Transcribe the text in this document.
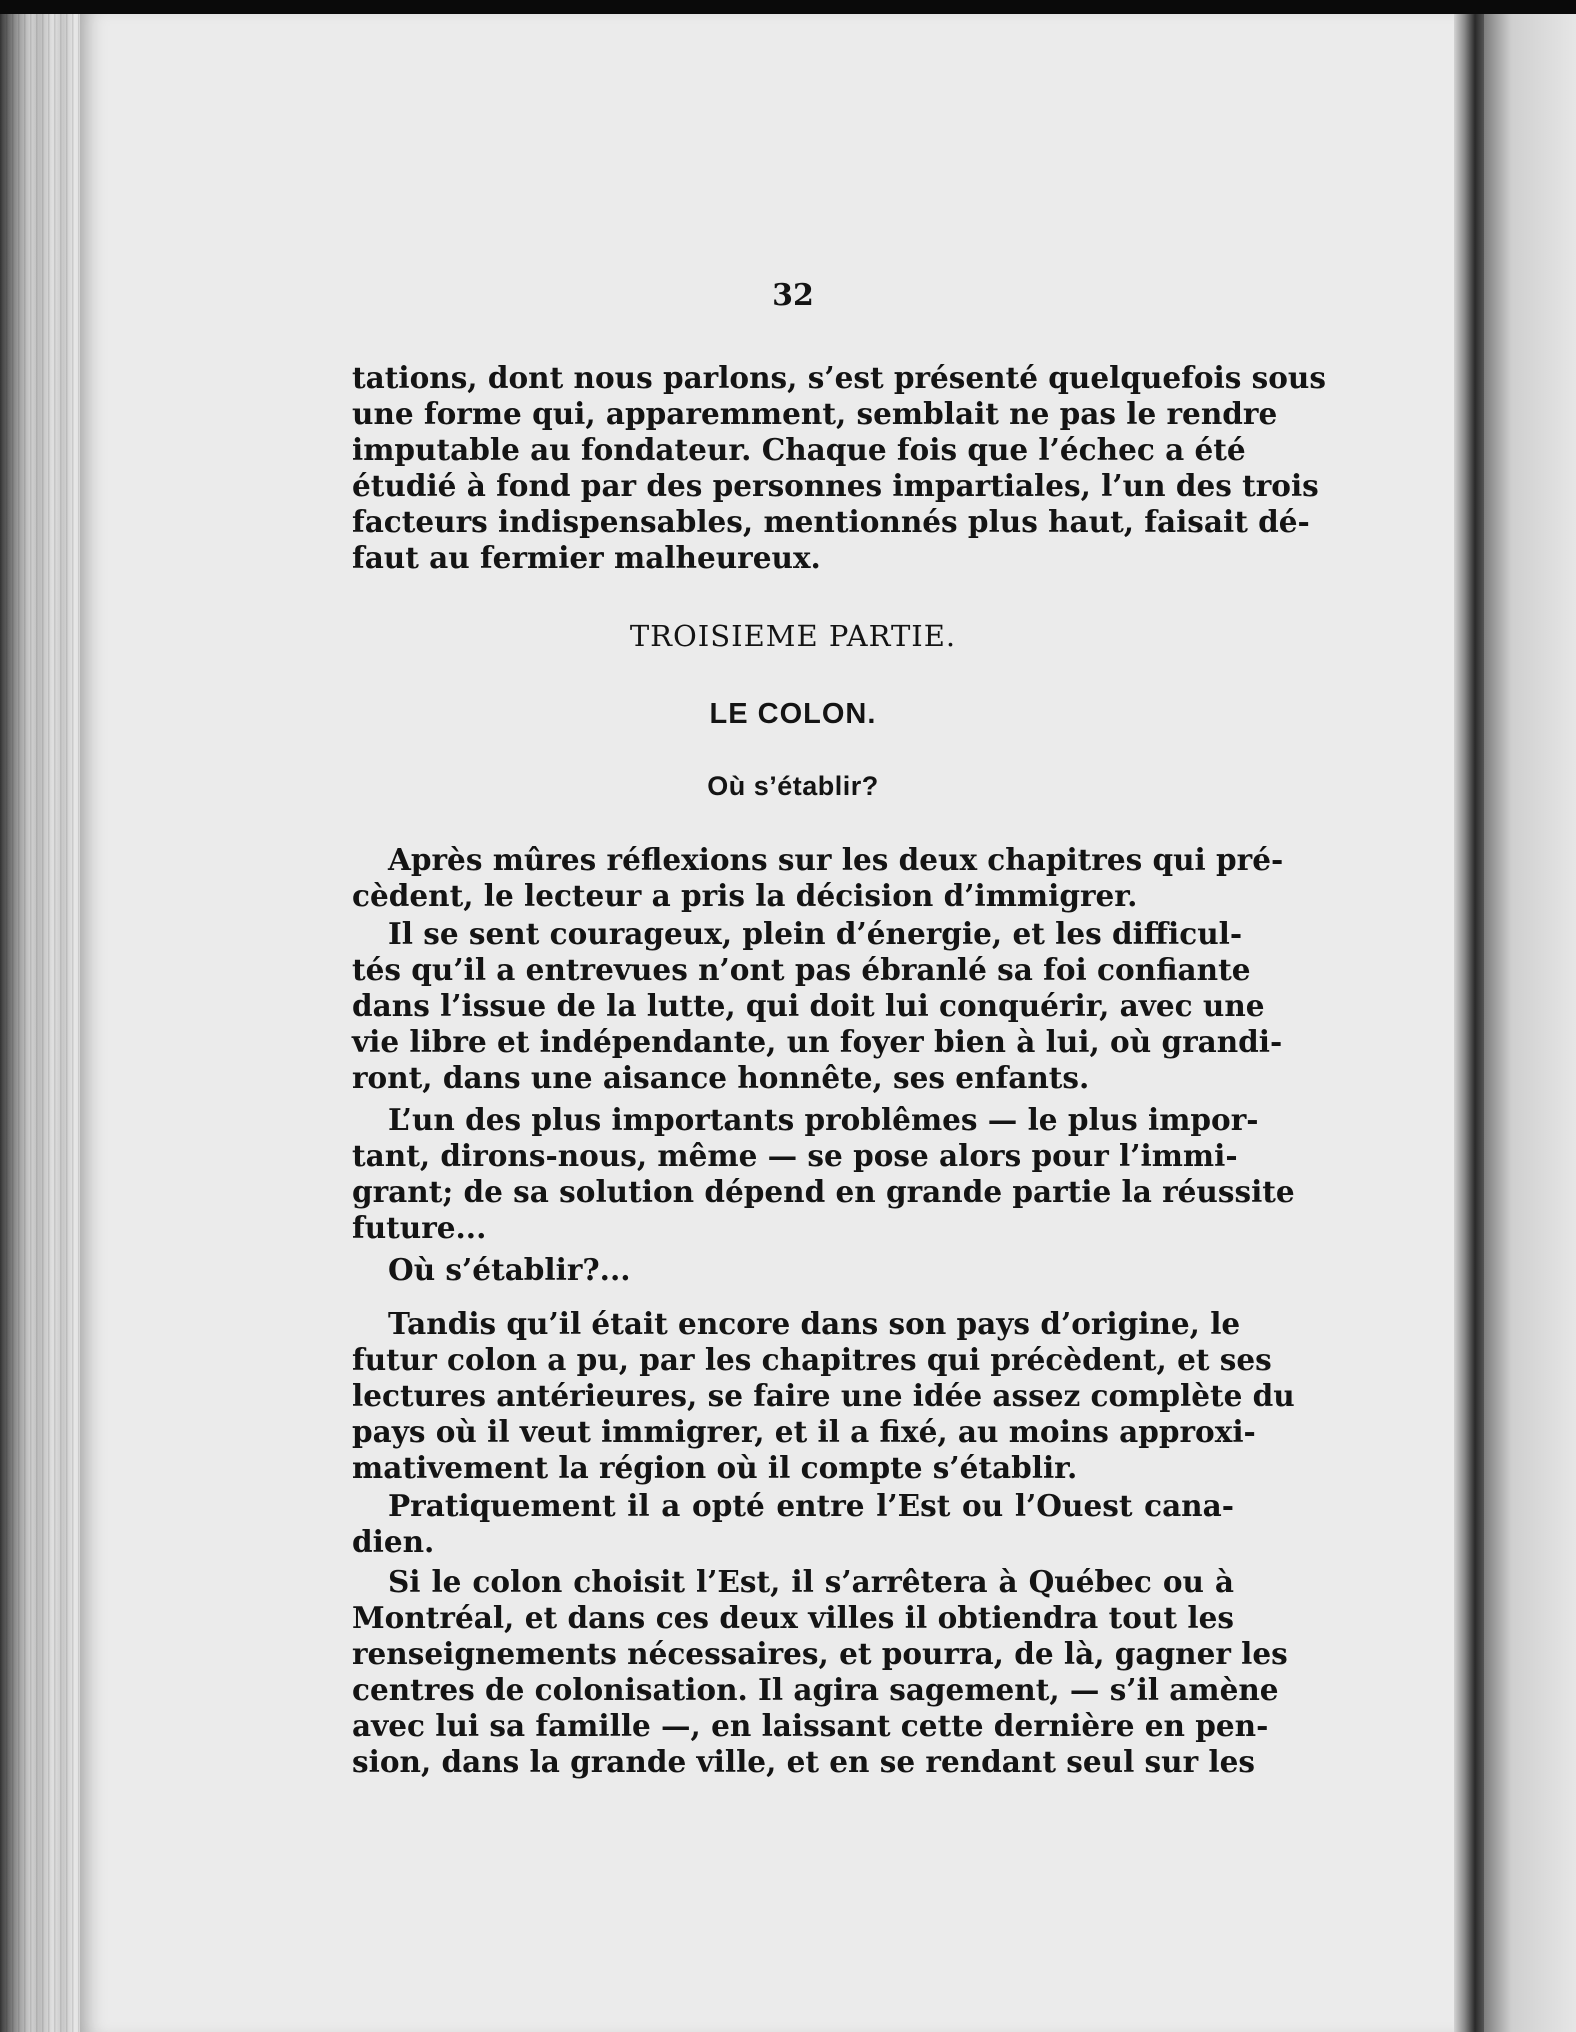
32
tations, dont nous parlons, s’est présenté quelquefois sous
une forme qui, apparemment, semblait ne pas le rendre
imputable au fondateur. Chaque fois que l’échec a été
étudié à fond par des personnes impartiales, l’un des trois
facteurs indispensables, mentionnés plus haut, faisait dé-
faut au fermier malheureux.
TROISIEME PARTIE.
LE COLON.
Où s’établir?
Après mûres réflexions sur les deux chapitres qui pré-
cèdent, le lecteur a pris la décision d’immigrer.
Il se sent courageux, plein d’énergie, et les difficul-
tés qu’il a entrevues n’ont pas ébranlé sa foi confiante
dans l’issue de la lutte, qui doit lui conquérir, avec une
vie libre et indépendante, un foyer bien à lui, où grandi-
ront, dans une aisance honnête, ses enfants.
L’un des plus importants problêmes — le plus impor-
tant, dirons-nous, même — se pose alors pour l’immi-
grant; de sa solution dépend en grande partie la réussite
future...
Où s’établir?...
Tandis qu’il était encore dans son pays d’origine, le
futur colon a pu, par les chapitres qui précèdent, et ses
lectures antérieures, se faire une idée assez complète du
pays où il veut immigrer, et il a fixé, au moins approxi-
mativement la région où il compte s’établir.
Pratiquement il a opté entre l’Est ou l’Ouest cana-
dien.
Si le colon choisit l’Est, il s’arrêtera à Québec ou à
Montréal, et dans ces deux villes il obtiendra tout les
renseignements nécessaires, et pourra, de là, gagner les
centres de colonisation. Il agira sagement, — s’il amène
avec lui sa famille —, en laissant cette dernière en pen-
sion, dans la grande ville, et en se rendant seul sur les
